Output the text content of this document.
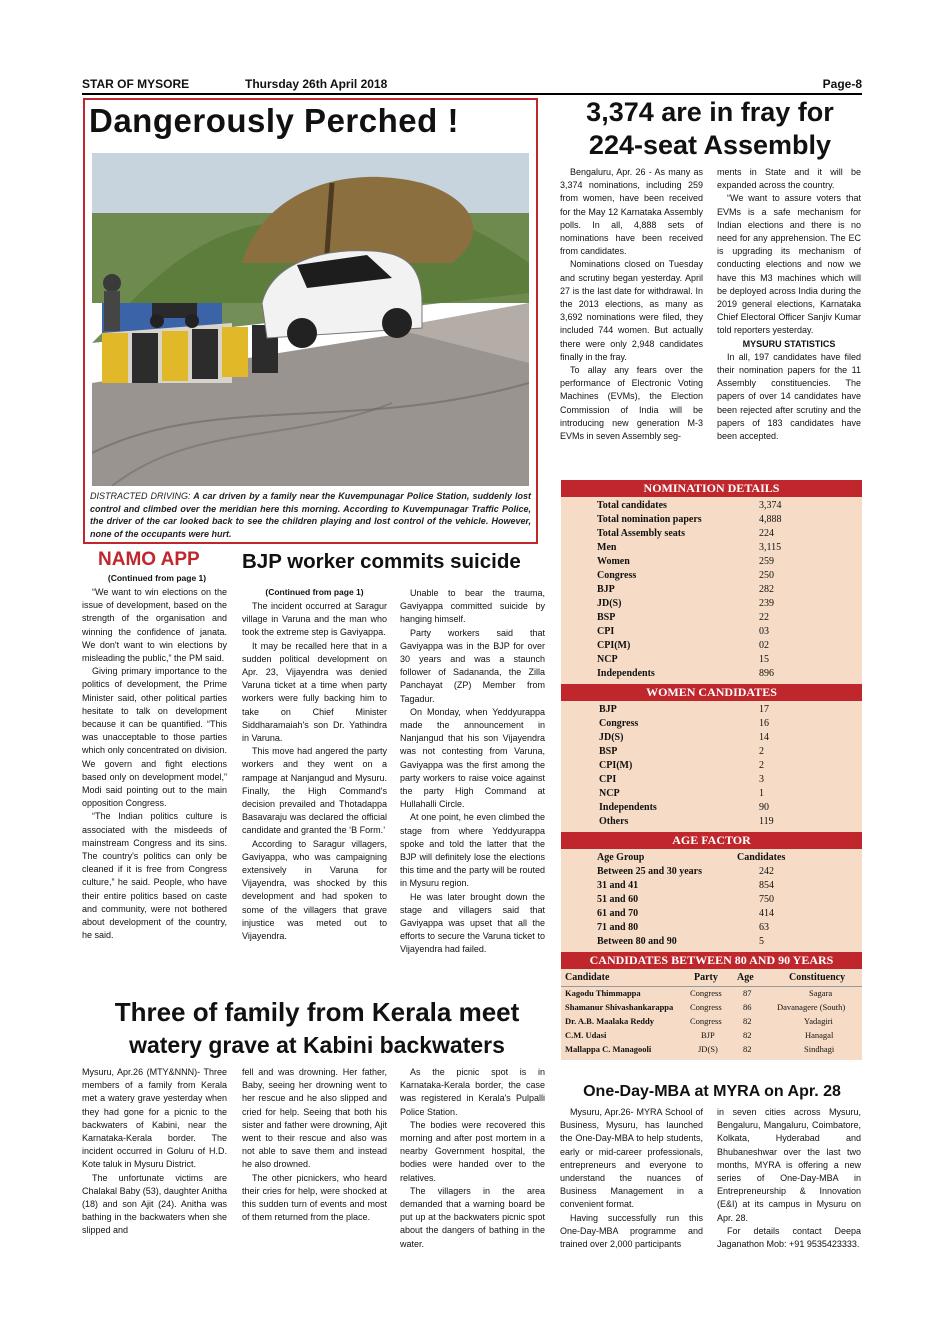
STAR OF MYSORE	Thursday 26th April 2018	Page-8
Dangerously Perched !
DISTRACTED DRIVING: A car driven by a family near the Kuvempunagar Police Station, suddenly lost control and climbed over the meridian here this morning. According to Kuvempunagar Traffic Police, the driver of the car looked back to see the children playing and lost control of the vehicle. However, none of the occupants were hurt.
3,374 are in fray for
224-seat Assembly

Bengaluru, Apr. 26 - As many as 3,374 nominations, including 259 from women, have been received for the May 12 Karnataka Assembly polls. In all, 4,888 sets of nominations have been received from candidates.

Nominations closed on Tuesday and scrutiny began yesterday. April 27 is the last date for withdrawal. In the 2013 elections, as many as 3,692 nominations were filed, they included 744 women. But actually there were only 2,948 candidates finally in the fray.

To allay any fears over the performance of Electronic Voting Machines (EVMs), the Election Commission of India will be introducing new generation M-3 EVMs in seven Assembly seg-

ments in State and it will be expanded across the country.

“We want to assure voters that EVMs is a safe mechanism for Indian elections and there is no need for any apprehension. The EC is upgrading its mechanism of conducting elections and now we have this M3 machines which will be deployed across India during the 2019 general elections, Karnataka Chief Electoral Officer Sanjiv Kumar told reporters yesterday.

MYSURU STATISTICS

In all, 197 candidates have filed their nomination papers for the 11 Assembly constituencies. The papers of over 14 candidates have been rejected after scrutiny and the papers of 183 candidates have been accepted.

NOMINATION DETAILS
Total candidates	3,374
Total nomination papers	4,888
Total Assembly seats	224
Men	3,115
Women	259
Congress	250
BJP	282
JD(S)	239
BSP	22
CPI	03
CPI(M)	02
NCP	15
Independents	896
WOMEN CANDIDATES
BJP	17
Congress	16
JD(S)	14
BSP	2
CPI(M)	2
CPI	3
NCP	1
Independents	90
Others	119
AGE FACTOR
Age Group	Candidates
Between 25 and 30 years	242
31 and 41	854
51 and 60	750
61 and 70	414
71 and 80	63
Between 80 and 90	5
CANDIDATES BETWEEN 80 AND 90 YEARS
Candidate	Party Age	Constituency
Kagodu Thimmappa	Congress	87	Sagara
Shamanur Shivashankarappa Congress	86	Davanagere (South)
Dr. A.B. Maalaka Reddy	Congress	82	Yadagiri
C.M. Udasi	BJP	82	Hanagal
Mallappa C. Managooli	JD(S)	82	Sindhagi
NAMO APP
(Continued from page 1)

“We want to win elections on the issue of development, based on the strength of the organisation and winning the confidence of janata. We don't want to win elections by misleading the public,” the PM said.

Giving primary importance to the politics of development, the Prime Minister said, other political parties hesitate to talk on development because it can be quantified. “This was unacceptable to those parties which only concentrated on division. We govern and fight elections based only on development model,” Modi said pointing out to the main opposition Congress.

“The Indian politics culture is associated with the misdeeds of mainstream Congress and its sins. The country's politics can only be cleaned if it is free from Congress culture,” he said. People, who have their entire politics based on caste and community, were not bothered about development of the country, he said.

BJP worker commits suicide
(Continued from page 1)

The incident occurred at Saragur village in Varuna and the man who took the extreme step is Gaviyappa.

It may be recalled here that in a sudden political development on Apr. 23, Vijayendra was denied Varuna ticket at a time when party workers were fully backing him to take on Chief Minister Siddharamaiah's son Dr. Yathindra in Varuna.

This move had angered the party workers and they went on a rampage at Nanjangud and Mysuru. Finally, the High Command's decision prevailed and Thotadappa Basavaraju was declared the official candidate and granted the ‘B Form.’

According to Saragur villagers, Gaviyappa, who was campaigning extensively in Varuna for Vijayendra, was shocked by this development and had spoken to some of the villagers that grave injustice was meted out to Vijayendra.

Unable to bear the trauma, Gaviyappa committed suicide by hanging himself.

Party workers said that Gaviyappa was in the BJP for over 30 years and was a staunch follower of Sadananda, the Zilla Panchayat (ZP) Member from Tagadur.

On Monday, when Yeddyurappa made the announcement in Nanjangud that his son Vijayendra was not contesting from Varuna, Gaviyappa was the first among the party workers to raise voice against the party High Command at Hullahalli Circle.

At one point, he even climbed the stage from where Yeddyurappa spoke and told the latter that the BJP will definitely lose the elections this time and the party will be routed in Mysuru region.

He was later brought down the stage and villagers said that Gaviyappa was upset that all the efforts to secure the Varuna ticket to Vijayendra had failed.

Three of family from Kerala meet
watery grave at Kabini backwaters

Mysuru, Apr.26 (MTY&NNN)- Three members of a family from Kerala met a watery grave yesterday when they had gone for a picnic to the backwaters of Kabini, near the Karnataka-Kerala border. The incident occurred in Goluru of H.D. Kote taluk in Mysuru District.

The unfortunate victims are Chalakal Baby (53), daughter Anitha (18) and son Ajit (24). Anitha was bathing in the backwaters when she slipped and

fell and was drowning. Her father, Baby, seeing her drowning went to her rescue and he also slipped and cried for help. Seeing that both his sister and father were drowning, Ajit went to their rescue and also was not able to save them and instead he also drowned.

The other picnickers, who heard their cries for help, were shocked at this sudden turn of events and most of them returned from the place.

As the picnic spot is in Karnataka-Kerala border, the case was registered in Kerala's Pulpalli Police Station.

The bodies were recovered this morning and after post mortem in a nearby Government hospital, the bodies were handed over to the relatives.

The villagers in the area demanded that a warning board be put up at the backwaters picnic spot about the dangers of bathing in the water.

One-Day-MBA at MYRA on Apr. 28

Mysuru, Apr.26- MYRA School of Business, Mysuru, has launched the One-Day-MBA to help students, early or mid-career professionals, entrepreneurs and everyone to understand the nuances of Business Management in a convenient format.

Having successfully run this One-Day-MBA programme and trained over 2,000 participants

in seven cities across Mysuru, Bengaluru, Mangaluru, Coimbatore, Kolkata, Hyderabad and Bhubaneshwar over the last two months, MYRA is offering a new series of One-Day-MBA in Entrepreneurship & Innovation (E&I) at its campus in Mysuru on Apr. 28.

For details contact Deepa Jaganathon Mob: +91 9535423333.
